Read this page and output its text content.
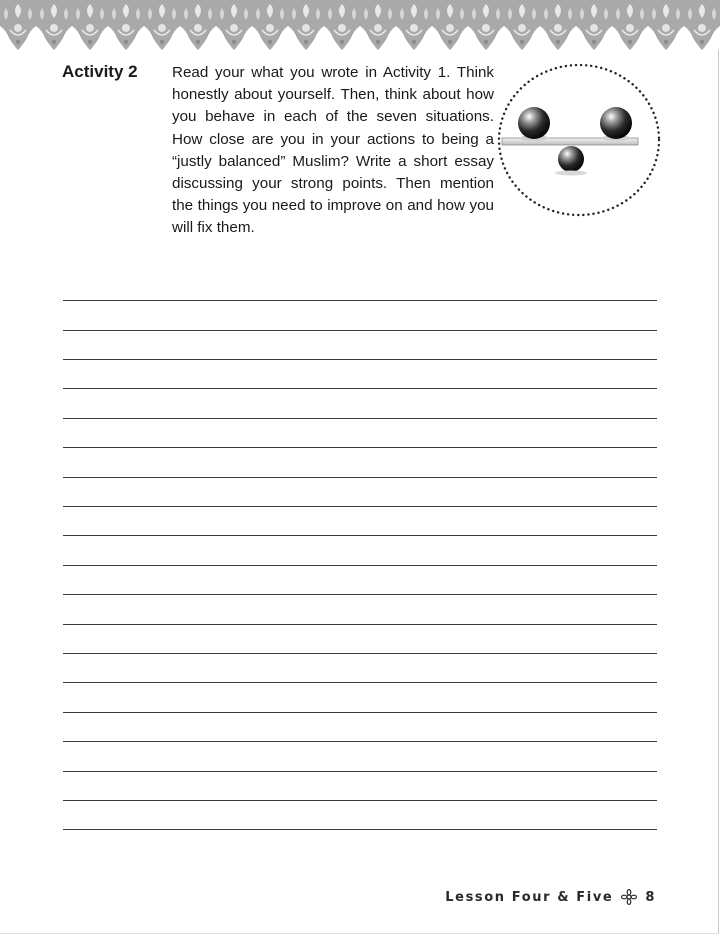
Activity 2 Read your what you wrote in Activity 1. Think honestly about yourself. Then, think about how you behave in each of the seven situations. How close are you in your actions to being a “justly balanced” Muslim? Write a short essay discussing your strong points. Then mention the things you need to improve on and how you will fix them.
Lesson Four & Five 8
